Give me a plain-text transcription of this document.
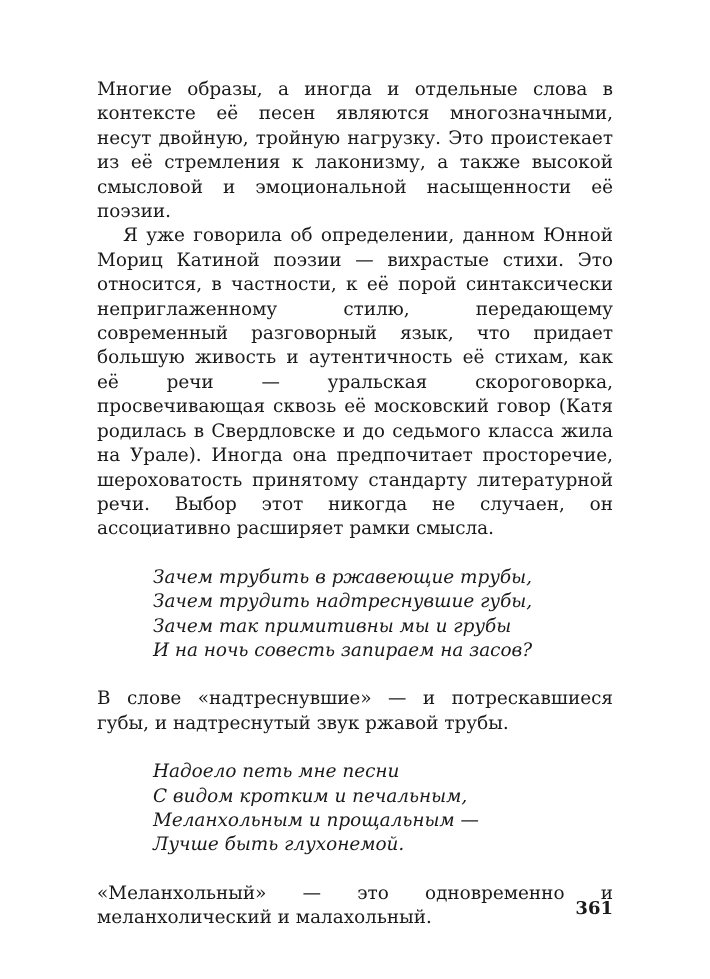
Многие образы, а иногда и отдельные слова в контексте её песен являются многозначными, несут двойную, тройную нагрузку. Это проистекает из её стремления к лаконизму, а также высокой смысловой и эмоциональной насыщенности её поэзии.

Я уже говорила об определении, данном Юнной Мориц Катиной поэзии — вихрастые стихи. Это относится, в частности, к её порой синтаксически неприглаженному стилю, передающему современный разговорный язык, что придает большую живость и аутентичность её стихам, как её речи — уральская скороговорка, просвечивающая сквозь её московский говор (Катя родилась в Свердловске и до седьмого класса жила на Урале). Иногда она предпочитает просторечие, шероховатость принятому стандарту литературной речи. Выбор этот никогда не случаен, он ассоциативно расширяет рамки смысла.

Зачем трубить в ржавеющие трубы,
Зачем трудить надтреснувшие губы,
Зачем так примитивны мы и грубы
И на ночь совесть запираем на засов?

В слове «надтреснувшие» — и потрескавшиеся губы, и надтреснутый звук ржавой трубы.

Надоело петь мне песни
С видом кротким и печальным,
Меланхольным и прощальным —
Лучше быть глухонемой.

«Меланхольный» — это одновременно и меланхолический и малахольный.	361
